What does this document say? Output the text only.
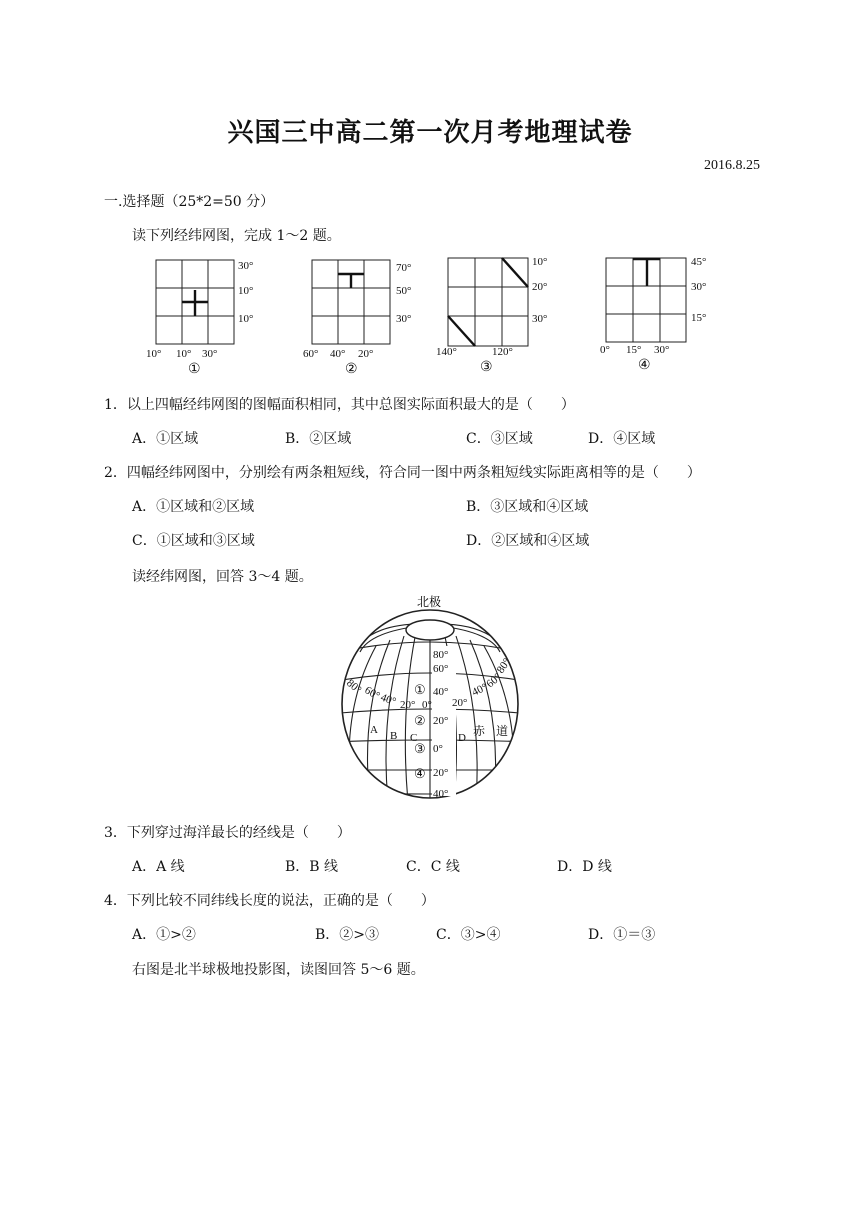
兴国三中高二第一次月考地理试卷
2016.8.25
一.选择题（25*2=50 分）
读下列经纬网图，完成 1～2 题。
30°
10°
10°
10° 10° 30°
①
70°
50°
30°
60° 40° 20°
②
10°
20°
30°
140°	120°
③
45°
30°
15°
0° 15° 30°
④
1．以上四幅经纬网图的图幅面积相同，其中总图实际面积最大的是（　　）
A．①区域	B．②区域	C．③区域	D．④区域
2．四幅经纬网图中，分别绘有两条粗短线，符合同一图中两条粗短线实际距离相等的是（　　）
A．①区域和②区域	B．③区域和④区域
C．①区域和③区域	D．②区域和④区域
读经纬网图，回答 3～4 题。
北极
80°
60°
40°
20°
0°
20°
40°
80°
60°
40° 20° 0° 20°
40°
60°
80°
①
②
③
④
A B C	D 赤 道
3．下列穿过海洋最长的经线是（　　）
A．A 线	B．B 线	C．C 线	D．D 线
4．下列比较不同纬线长度的说法，正确的是（　　）
A．①>②	B．②>③	C．③>④	D．①＝③
右图是北半球极地投影图，读图回答 5～6 题。
